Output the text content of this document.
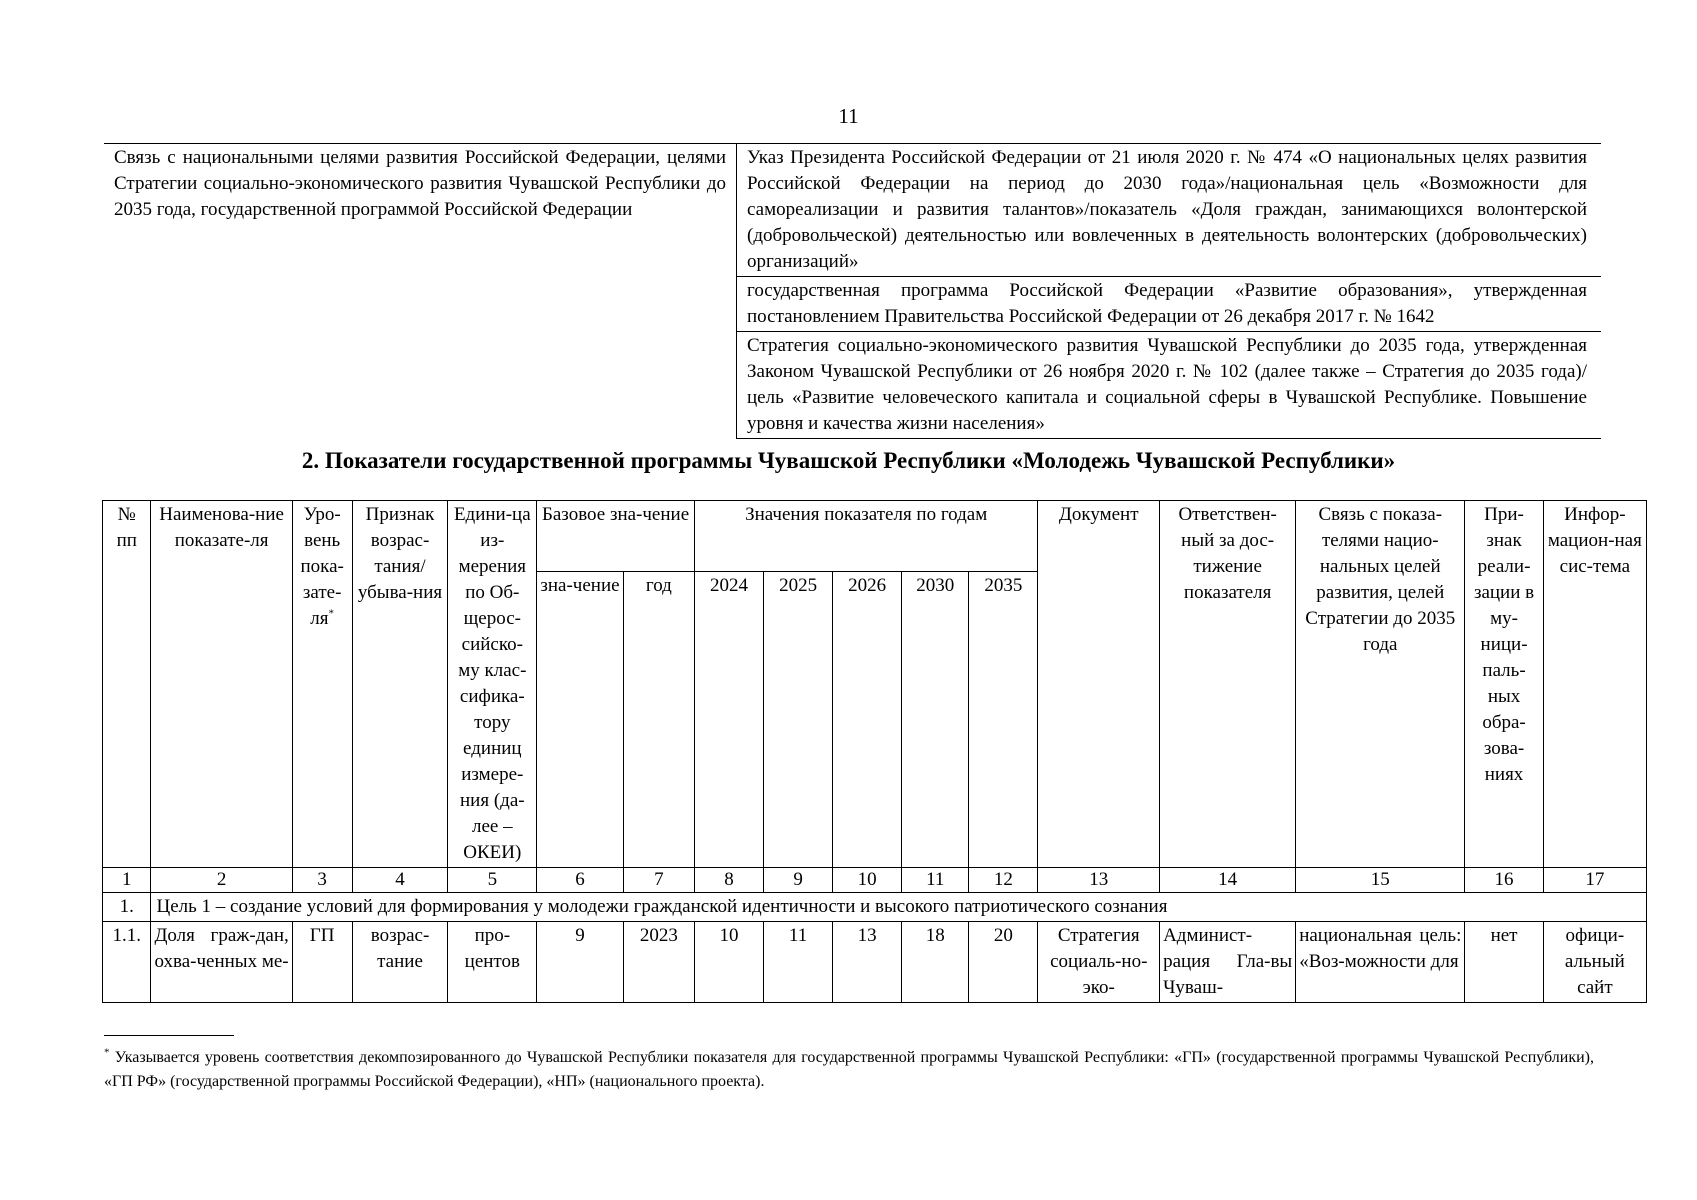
11
Связь с национальными целями развития Российской Федерации, целями Стратегии социально-экономического развития Чувашской Республики до 2035 года, государственной программой Российской Федерации	Указ Президента Российской Федерации от 21 июля 2020 г. № 474 «О национальных целях развития Российской Федерации на период до 2030 года»/национальная цель «Возможности для самореализации и развития талантов»/показатель «Доля граждан, занимающихся волонтерской (добровольческой) деятельностью или вовлеченных в деятельность волонтерских (добровольческих) организаций»
государственная программа Российской Федерации «Развитие образования», утвержденная постановлением Правительства Российской Федерации от 26 декабря 2017 г. № 1642
Стратегия социально-экономического развития Чувашской Республики до 2035 года, утвержденная Законом Чувашской Республики от 26 ноября 2020 г. № 102 (далее также – Стратегия до 2035 года)/цель «Развитие человеческого капитала и социальной сферы в Чувашской Республике. Повышение уровня и качества жизни населения»
2. Показатели государственной программы Чувашской Республики «Молодежь Чувашской Республики»
№ пп	Наименова-ние показате-ля	Уро-вень пока-зате-ля*	Признак возрас-тания/ убыва-ния	Едини-ца из-мерения по Об-щерос-сийско-му клас-сифика-тору единиц измере-ния (да-лее – ОКЕИ)	Базовое зна-чение		Значения показателя по годам					Документ	Ответствен-ный за дос-тижение показателя	Связь с показа-телями нацио-нальных целей развития, целей Стратегии до 2035 года	При-знак реали-зации в му-ници-паль-ных обра-зова-ниях	Инфор-мацион-ная сис-тема
					зна-чение	год	2024	2025	2026	2030	2035					
1	2	3	4	5	6	7	8	9	10	11	12	13	14	15	16	17
1.	Цель 1 – создание условий для формирования у молодежи гражданской идентичности и высокого патриотического сознания															
1.1.	Доля граж-дан, охва-ченных ме-	ГП	возрас-тание	про-центов	9	2023	10	11	13	18	20	Стратегия социаль-но-эко-	Админист-рация Гла-вы Чуваш-	национальная цель: «Воз-можности для	нет	офици-альный сайт
* Указывается уровень соответствия декомпозированного до Чувашской Республики показателя для государственной программы Чувашской Республики: «ГП» (государственной программы Чувашской Республики), «ГП РФ» (государственной программы Российской Федерации), «НП» (национального проекта).
